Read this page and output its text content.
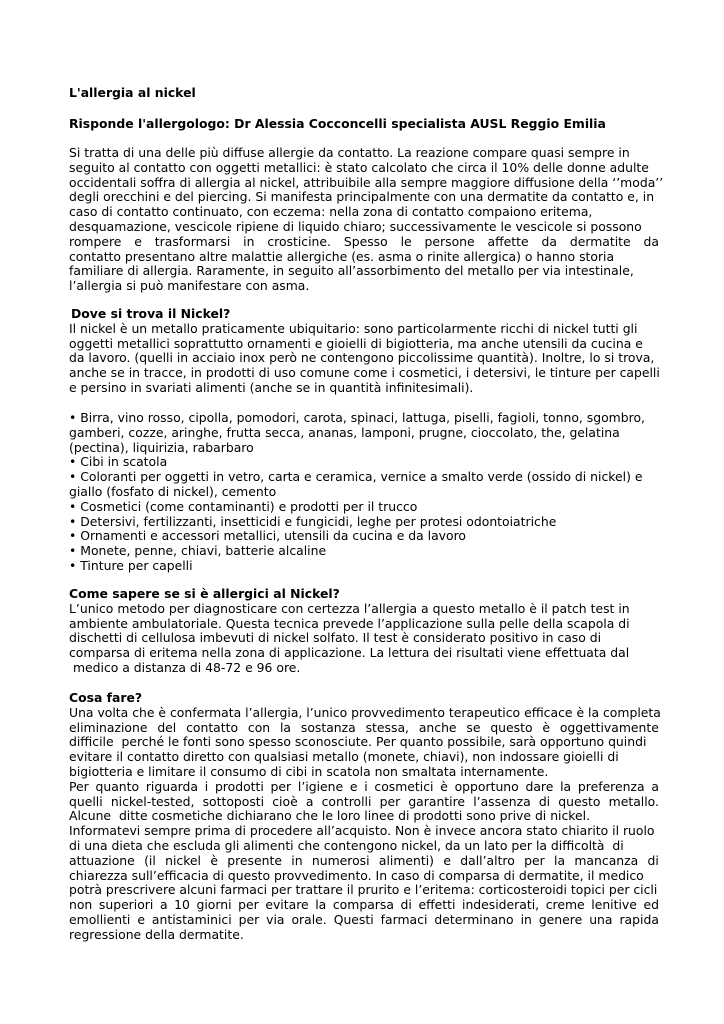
L'allergia al nickel
Risponde l'allergologo: Dr Alessia Cocconcelli specialista AUSL Reggio Emilia
Si tratta di una delle più diffuse allergie da contatto. La reazione compare quasi sempre in
seguito al contatto con oggetti metallici: è stato calcolato che circa il 10% delle donne adulte
occidentali soffra di allergia al nickel, attribuibile alla sempre maggiore diffusione della ‘’moda’’
degli orecchini e del piercing. Si manifesta principalmente con una dermatite da contatto e, in
caso di contatto continuato, con eczema: nella zona di contatto compaiono eritema,
desquamazione, vescicole ripiene di liquido chiaro; successivamente le vescicole si possono
rompere e trasformarsi in crosticine. Spesso le persone affette da dermatite da
contatto presentano altre malattie allergiche (es. asma o rinite allergica) o hanno storia
familiare di allergia. Raramente, in seguito all’assorbimento del metallo per via intestinale,
l’allergia si può manifestare con asma.
Dove si trova il Nickel?
Il nickel è un metallo praticamente ubiquitario: sono particolarmente ricchi di nickel tutti gli
oggetti metallici soprattutto ornamenti e gioielli di bigiotteria, ma anche utensili da cucina e
da lavoro. (quelli in acciaio inox però ne contengono piccolissime quantità). Inoltre, lo si trova,
anche se in tracce, in prodotti di uso comune come i cosmetici, i detersivi, le tinture per capelli
e persino in svariati alimenti (anche se in quantità infinitesimali).
• Birra, vino rosso, cipolla, pomodori, carota, spinaci, lattuga, piselli, fagioli, tonno, sgombro,
gamberi, cozze, aringhe, frutta secca, ananas, lamponi, prugne, cioccolato, the, gelatina
(pectina), liquirizia, rabarbaro
• Cibi in scatola
• Coloranti per oggetti in vetro, carta e ceramica, vernice a smalto verde (ossido di nickel) e
giallo (fosfato di nickel), cemento
• Cosmetici (come contaminanti) e prodotti per il trucco
• Detersivi, fertilizzanti, insetticidi e fungicidi, leghe per protesi odontoiatriche
• Ornamenti e accessori metallici, utensili da cucina e da lavoro
• Monete, penne, chiavi, batterie alcaline
• Tinture per capelli
Come sapere se si è allergici al Nickel?
L’unico metodo per diagnosticare con certezza l’allergia a questo metallo è il patch test in
ambiente ambulatoriale. Questa tecnica prevede l’applicazione sulla pelle della scapola di
dischetti di cellulosa imbevuti di nickel solfato. Il test è considerato positivo in caso di
comparsa di eritema nella zona di applicazione. La lettura dei risultati viene effettuata dal
medico a distanza di 48-72 e 96 ore.
Cosa fare?
Una volta che è confermata l’allergia, l’unico provvedimento terapeutico efficace è la completa
eliminazione del contatto con la sostanza stessa, anche se questo è oggettivamente
difficile  perché le fonti sono spesso sconosciute. Per quanto possibile, sarà opportuno quindi
evitare il contatto diretto con qualsiasi metallo (monete, chiavi), non indossare gioielli di
bigiotteria e limitare il consumo di cibi in scatola non smaltata internamente.
Per quanto riguarda i prodotti per l’igiene e i cosmetici è opportuno dare la preferenza a
quelli nickel-tested, sottoposti cioè a controlli per garantire l’assenza di questo metallo.
Alcune  ditte cosmetiche dichiarano che le loro linee di prodotti sono prive di nickel.
Informatevi sempre prima di procedere all’acquisto. Non è invece ancora stato chiarito il ruolo
di una dieta che escluda gli alimenti che contengono nickel, da un lato per la difficoltà  di
attuazione (il nickel è presente in numerosi alimenti) e dall’altro per la mancanza di
chiarezza sull’efficacia di questo provvedimento. In caso di comparsa di dermatite, il medico
potrà prescrivere alcuni farmaci per trattare il prurito e l’eritema: corticosteroidi topici per cicli
non superiori a 10 giorni per evitare la comparsa di effetti indesiderati, creme lenitive ed
emollienti e antistaminici per via orale. Questi farmaci determinano in genere una rapida
regressione della dermatite.
